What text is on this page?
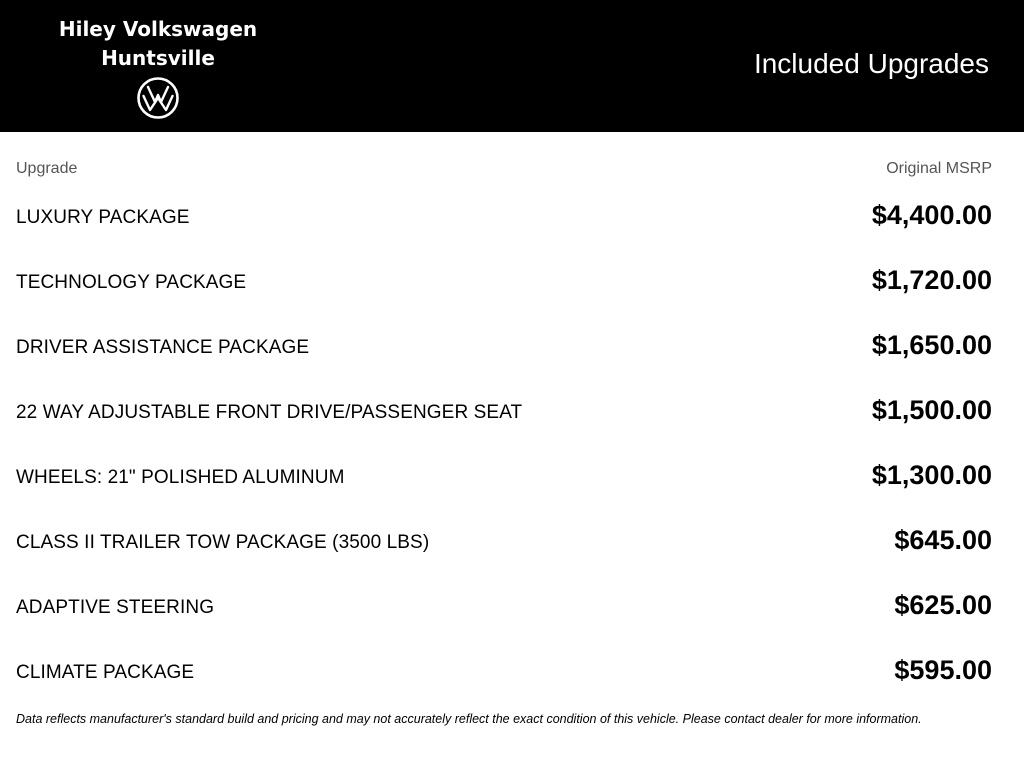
Hiley Volkswagen
Huntsville	Included Upgrades
Upgrade	Original MSRP
LUXURY PACKAGE	$4,400.00
TECHNOLOGY PACKAGE	$1,720.00
DRIVER ASSISTANCE PACKAGE	$1,650.00
22 WAY ADJUSTABLE FRONT DRIVE/PASSENGER SEAT	$1,500.00
WHEELS: 21" POLISHED ALUMINUM	$1,300.00
CLASS II TRAILER TOW PACKAGE (3500 LBS)	$645.00
ADAPTIVE STEERING	$625.00
CLIMATE PACKAGE	$595.00
Data reflects manufacturer's standard build and pricing and may not accurately reflect the exact condition of this vehicle. Please contact dealer for more information.
